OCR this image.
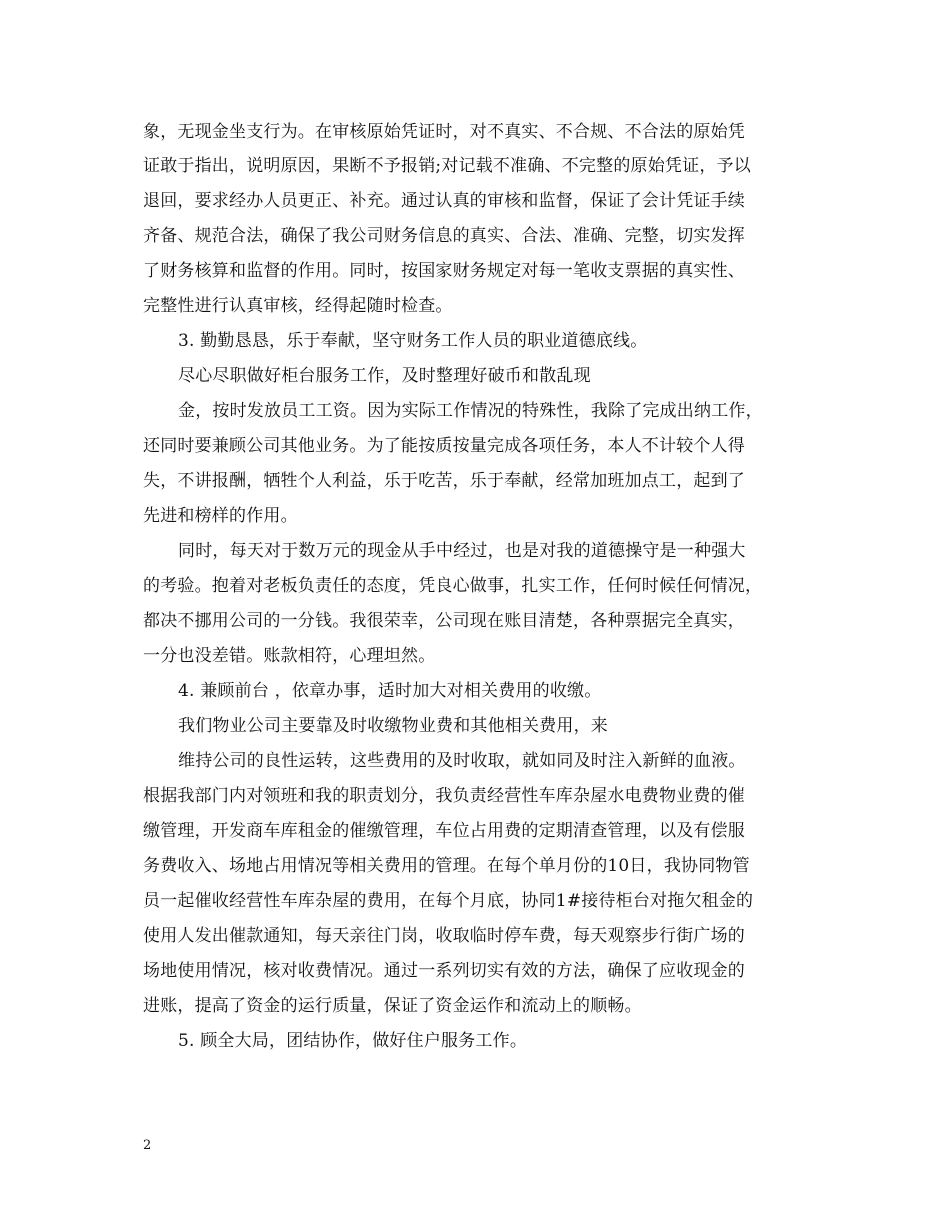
象，无现金坐支行为。在审核原始凭证时，对不真实、不合规、不合法的原始凭
证敢于指出，说明原因，果断不予报销;对记载不准确、不完整的原始凭证，予以
退回，要求经办人员更正、补充。通过认真的审核和监督，保证了会计凭证手续
齐备、规范合法，确保了我公司财务信息的真实、合法、准确、完整，切实发挥
了财务核算和监督的作用。同时，按国家财务规定对每一笔收支票据的真实性、
完整性进行认真审核，经得起随时检查。
3. 勤勤恳恳，乐于奉献，坚守财务工作人员的职业道德底线。
尽心尽职做好柜台服务工作，及时整理好破币和散乱现
金，按时发放员工工资。因为实际工作情况的特殊性，我除了完成出纳工作，
还同时要兼顾公司其他业务。为了能按质按量完成各项任务，本人不计较个人得
失，不讲报酬，牺牲个人利益，乐于吃苦，乐于奉献，经常加班加点工，起到了
先进和榜样的作用。
同时，每天对于数万元的现金从手中经过，也是对我的道德操守是一种强大
的考验。抱着对老板负责任的态度，凭良心做事，扎实工作，任何时候任何情况，
都决不挪用公司的一分钱。我很荣幸，公司现在账目清楚，各种票据完全真实，
一分也没差错。账款相符，心理坦然。
4. 兼顾前台 ，依章办事，适时加大对相关费用的收缴。
我们物业公司主要靠及时收缴物业费和其他相关费用，来
维持公司的良性运转，这些费用的及时收取，就如同及时注入新鲜的血液。
根据我部门内对领班和我的职责划分，我负责经营性车库杂屋水电费物业费的催
缴管理，开发商车库租金的催缴管理，车位占用费的定期清查管理，以及有偿服
务费收入、场地占用情况等相关费用的管理。在每个单月份的10日，我协同物管
员一起催收经营性车库杂屋的费用，在每个月底，协同1#接待柜台对拖欠租金的
使用人发出催款通知，每天亲往门岗，收取临时停车费，每天观察步行街广场的
场地使用情况，核对收费情况。通过一系列切实有效的方法，确保了应收现金的
进账，提高了资金的运行质量，保证了资金运作和流动上的顺畅。
5. 顾全大局，团结协作，做好住户服务工作。
2
